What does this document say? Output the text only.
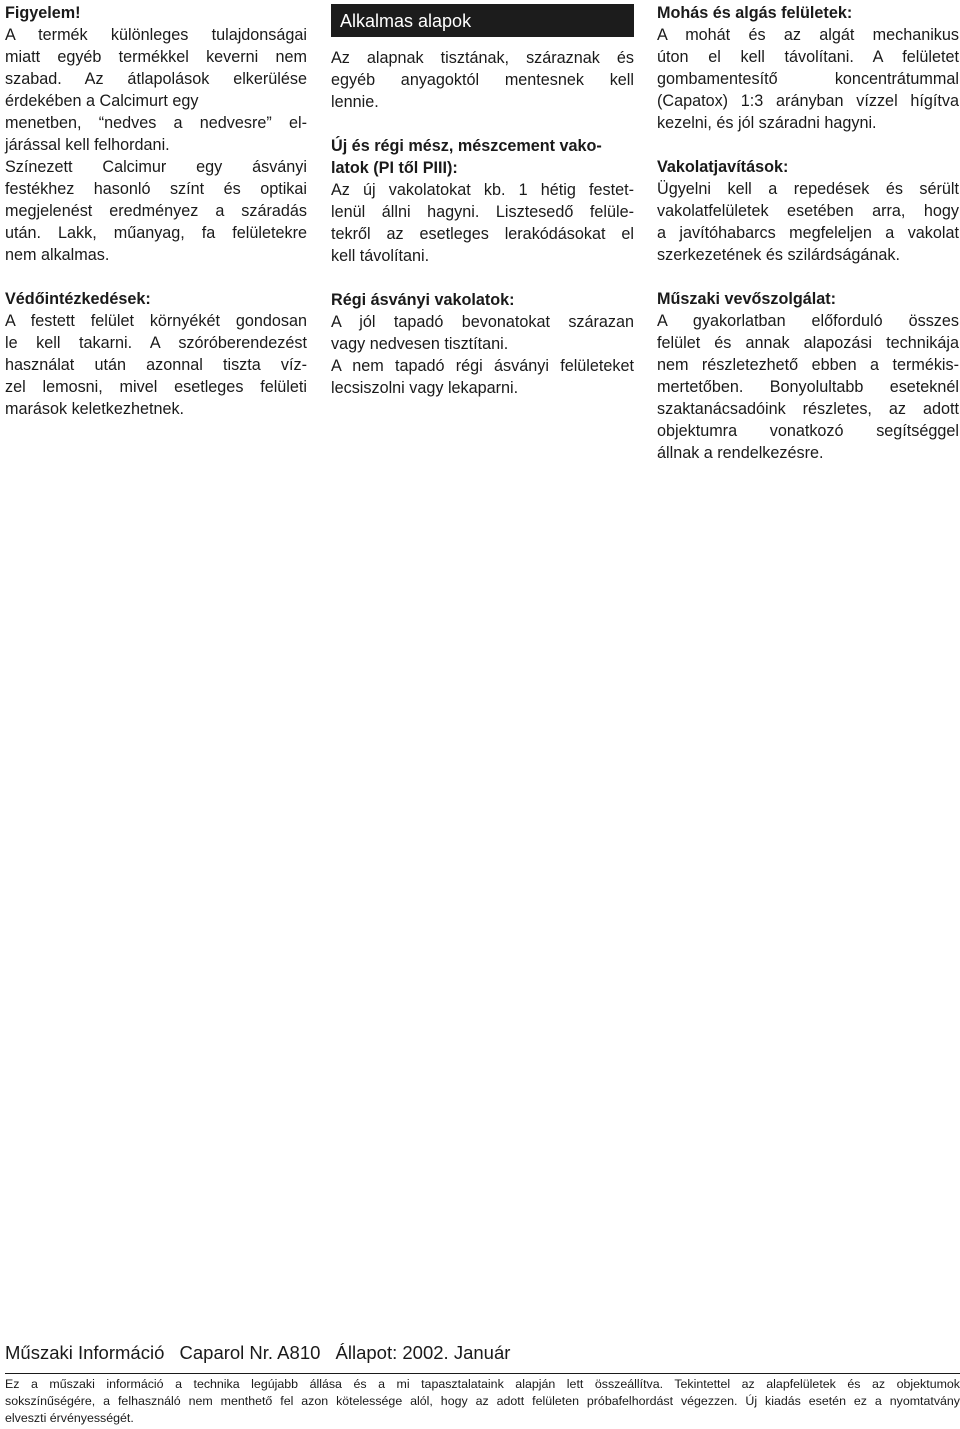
Figyelem!

A termék különleges tulajdonságai
miatt egyéb termékkel keverni nem
szabad. Az átlapolások elkerülése
érdekében a Calcimurt egy
menetben, “nedves a nedvesre” el-
járással kell felhordani.
Színezett Calcimur egy ásványi
festékhez hasonló színt és optikai
megjelenést eredményez a száradás
után. Lakk, műanyag, fa felületekre
nem alkalmas.

Védőintézkedések:

A festett felület környékét gondosan
le kell takarni. A szóróberendezést
használat után azonnal tiszta víz-
zel lemosni, mivel esetleges felületi
marások keletkezhetnek.

Alkalmas alapok

Az alapnak tisztának, száraznak és
egyéb anyagoktól mentesnek kell
lennie.

Új és régi mész, mészcement vako-
latok (PI től PIII):

Az új vakolatokat kb. 1 hétig festet-
lenül állni hagyni. Lisztesedő felüle-
tekről az esetleges lerakódásokat el
kell távolítani.

Régi ásványi vakolatok:

A jól tapadó bevonatokat szárazan
vagy nedvesen tisztítani.
A nem tapadó régi ásványi felületeket
lecsiszolni vagy lekaparni.

Mohás és algás felületek:

A mohát és az algát mechanikus
úton el kell távolítani. A felületet
gombamentesítő koncentrátummal
(Capatox) 1:3 arányban vízzel hígítva
kezelni, és jól száradni hagyni.

Vakolatjavítások:

Ügyelni kell a repedések és sérült
vakolatfelületek esetében arra, hogy
a javítóhabarcs megfeleljen a vakolat
szerkezetének és szilárdságának.

Műszaki vevőszolgálat:

A gyakorlatban előforduló összes
felület és annak alapozási technikája
nem részletezhető ebben a termékis-
mertetőben. Bonyolultabb eseteknél
szaktanácsadóink részletes, az adott
objektumra vonatkozó segítséggel
állnak a rendelkezésre.

Műszaki Információ Caparol Nr. A810 Állapot: 2002. Január

Ez a műszaki információ a technika legújabb állása és a mi tapasztalataink alapján lett összeállítva. Tekintettel az alapfelületek és az objektumok
sokszínűségére, a felhasználó nem menthető fel azon kötelessége alól, hogy az adott felületen próbafelhordást végezzen. Új kiadás esetén ez a nyomtatvány
elveszti érvényességét.
